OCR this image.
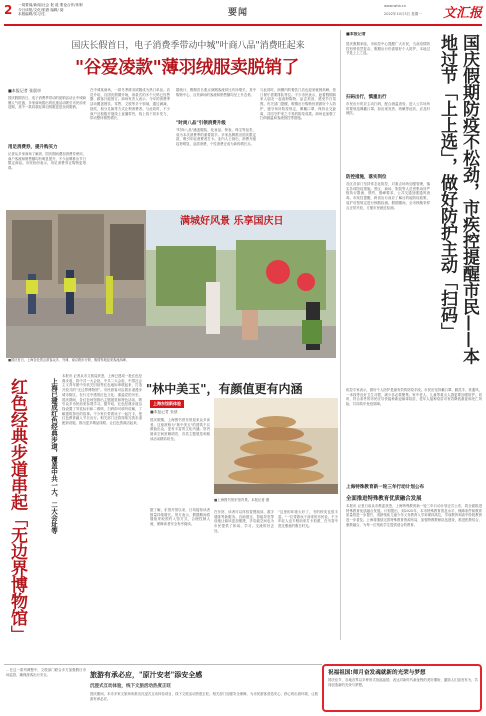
2 一周要闻/新闻/社会 报 道 要论合作/体制
今日读报/文化/旅游 编辑/ 阅
本版编辑/实习/生	要闻
www.whb.cn
2022年10月3日 星期一 文汇报
国庆长假首日，电子消费季带动中城"叶商八品"消费旺起来
"谷爱凌款"薄羽绒服卖脱销了
■本报记者 张晨卓
用足消费券，提升购买力
"时尚八品"引领消费升级
国庆假期首日，电子消费季带动的促销活动让中城商圈人气旺盛，多家商场推出的优惠活动吸引市民前来选购，其中一款同款轻薄羽绒服更是卖到脱销。
记者从多家商场了解到，国庆期间叠加消费券使用，商户客流和销售额均有明显提升，不少品牌推出节日限定商品。市民纷纷表示，用足消费券让购物更划算。
在中城某商场，一款冬季薄羽绒服成为热门单品。店员介绍，自国庆假期开始，该款式的多个尺码已经售罄，顾客只能预订。商场负责人表示，今年的消费季活动覆盖餐饮、零售、文旅等多个领域，通过满减、抽奖、积分兑换等方式让利消费者。与此同时，不少商户还积极开展线上直播带货，线上线下同步发力，带动整体销售增长。
据统计，假期首日重点商圈客流同比有所增长，其中购物中心、百货商场的客流和销售额均呈上升态势。
"时尚八品"涵盖服装、化妆品、钟表、珠宝等品类，成为本次消费季的重要抓手。多家品牌推出国庆限定款，吸引年轻消费者打卡。业内人士指出，消费升级趋势明显，品质消费、个性消费正成为新的增长点。
与此同时，商圈内的餐饮门店也迎来就餐高峰，热门餐厅需要排队等位。不少市民表示，趁着假期和家人朋友一起逛街购物、品尝美食，感受节日氛围。有关部门提醒，假期出行购物仍需做好个人防护，遵守场所防疫规定，佩戴口罩，保持社交距离，共同守护来之不易的防疫成果。商场也加强了扫码测温和客流管控等措施。
■本报记者
国庆假期来临，市疾控中心提醒广大市民，当前疫情防控形势依然复杂，假期出行仍需做好个人防护，本地过节是上上之选。
扫码出行，慎重出行
市民出行时应主动扫码，配合测温查验，进入公共场所时要规范佩戴口罩。如出现发热、咳嗽等症状，应及时就医。
防控措施，落实到位
各区各部门坚持常态化防控，对重点场所加强管理，落实各项防疫措施。景区、商场、影院等人员密集场所严格执行限流、预约、错峰要求，公共交通加强通风消毒。市疾控提醒，跨省出行前应了解目的地防疫政策，返沪后按规定进行核酸检测。假期期间，全市核酸采样点正常开放，方便市民就近检测。	国庆假期防疫不松劲，市疾控提醒市民——本地过节「上上选」，做好防护主动「扫码」
疾控专家表示，做好个人防护是最有效的防疫手段。市民应坚持戴口罩、勤洗手、常通风、一米线等良好卫生习惯，减少非必要聚集。家中老人、儿童等重点人群更要加强防护。同时，符合条件的市民应尽快接种新冠病毒疫苗，老年人接种疫苗可有效降低重症和死亡风险，共同筑牢免疫屏障。
上海特殊教育新一轮三年行动计划公布
全面推进特殊教育优质融合发展
本报讯 记者日前从市教委获悉，上海特殊教育新一轮三年行动计划正式公布，将全面推进特殊教育优质融合发展。计划提出，到2025年，本市特殊教育普及水平、保障条件和教育质量将进一步提升，适龄残疾儿童少年义务教育入学率保持高位，学前教育和高中阶段教育进一步普及。上海将继续完善特殊教育资源布局，加强特教教师队伍建设，推进医教结合、康教融合，为每一位残疾学生提供适合的教育。
满城好风景 乐享国庆日
■国庆首日，上海各处景点游客众多，外滩、南京路步行街、豫园等地迎来客流高峰。
红色经典步道串起「无边界博物馆」	上海已建成红色经典步道，覆盖中共一大、二大会址等
本报讯 记者从市文旅局获悉，上海已建成一批红色经典步道，将中共一大会址、中共二大会址、中国社会主义青年团中央机关旧址等红色地标串联起来，打造开放式的"无边界博物馆"。市民游客可沿着步道漫步城市街区，在行走中感悟红色文化、重温党的历史。国庆期间，各红色场馆推出主题展览和特色活动，吸引众多市民前来参观学习。据介绍，红色经典步道沿线设置了导览标识和二维码，扫码即可收听讲解，了解建筑背后的故事。不少家长带着孩子一起打卡，把红色教育融入节日出行。相关部门还将持续完善步道配套设施，推出更多精品线路，让红色资源活起来。
"林中美玉"，有颜值更有内涵
上海东馆新体验
■本报记者 张祯
国庆假期，上海图书馆东馆迎来众多读者。这座被称为"林中美玉"的建筑不仅颜值出众，更有丰富的文化内涵。馆内阅读空间宽敞明亮，各类主题展览和阅读活动精彩纷呈。
■上海图书馆东馆内景。本报记者 摄
据了解，东馆开馆以来，日均接待读者数量持续增长。馆方表示，假期期间将继续采取预约入馆方式，合理控制人流，保障读者安全有序阅读。
在东馆，读者可以体验智慧阅读、数字展陈等新服务。自助借还、智能导览等设施让阅读更加便捷，多功能空间也为市民提供了休闲、学习、交流的好去处。
"这里的环境太好了，书的种类也很丰富。"一位带着孩子前来的市民说。不少年轻人也专程前来打卡拍照，在书香中度过惬意的假日时光。
…在这一系列调整中，文旅部门联合多方加强假日市场监管，确保游客出行安全。	旅游有承必应，"原汁安老"添安全感
沉浸式互动体验，线下文旅活动热度正旺
国庆期间，本市多家文旅场所推出沉浸式互动体验项目，线下文旅活动热度正旺。相关部门加强安全保障，为市民游客营造安心、舒心的出游环境，让旅游有承必应。
祝福祖国!师月奋发魂就新的光荣与梦想
国庆佳节，各地各界以多种形式祝福祖国，表达对新时代新征程的美好期盼，激励人们奋发有为，共同创造新的光荣与梦想。
